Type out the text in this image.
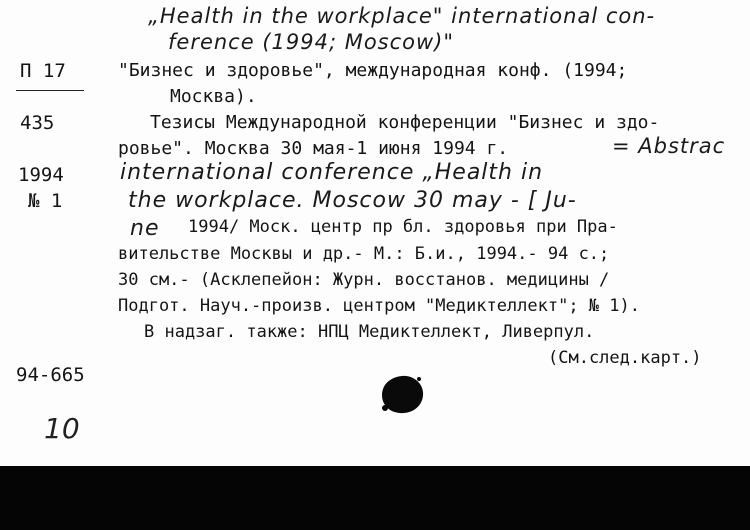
„Health in the workplace" international con-
ference (1994; Moscow)"
П 17	"Бизнес и здоровье", международная конф. (1994;
Москва).
435	Тезисы Международной конференции "Бизнес и здо-
ровье". Москва 30 мая-1 июня 1994 г.	= Abstrac
1994	international conference „Health in
№ 1	the workplace. Moscow 30 may - [ Ju-
ne 1994/ Моск. центр пр бл. здоровья при Пра-
вительстве Москвы и др.- М.: Б.и., 1994.- 94 с.;
30 см.- (Асклепейон: Журн. восстанов. медицины /
Подгот. Науч.-произв. центром "Медиктеллект"; № 1).
В надзаг. также: НПЦ Медиктеллект, Ливерпул.
(См.след.карт.)
94-665
10
